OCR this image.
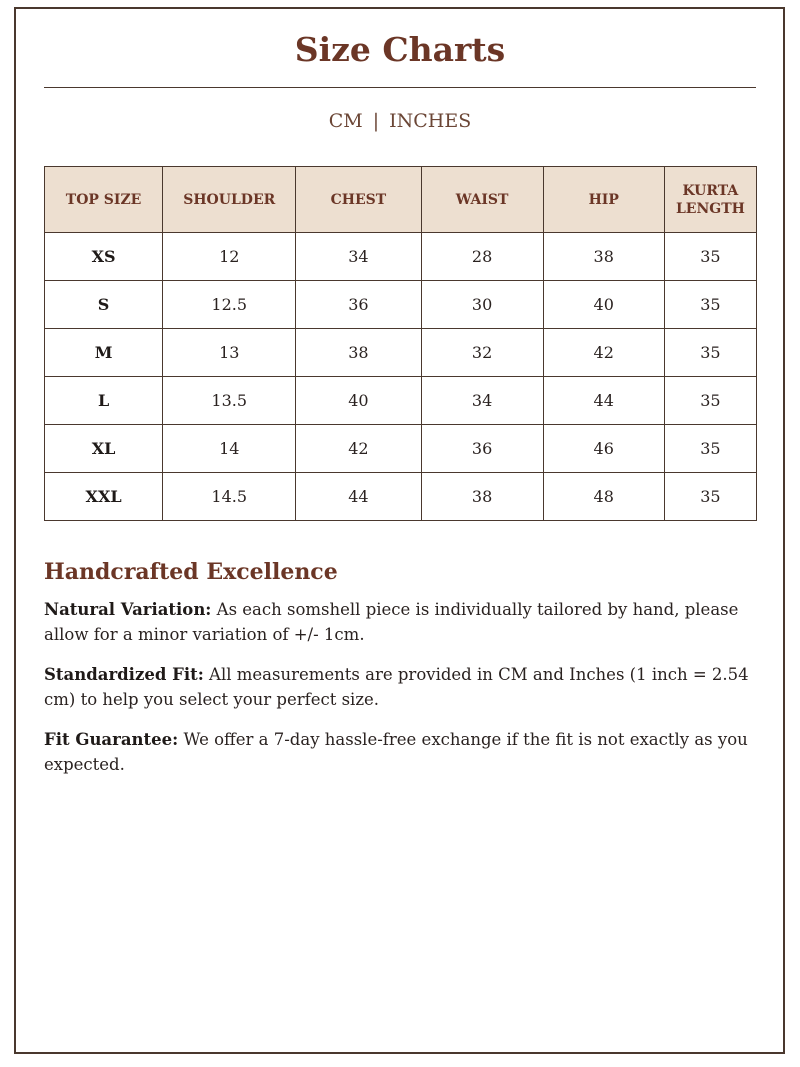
Size Charts
CM | INCHES
TOP SIZE	SHOULDER	CHEST	WAIST	HIP	KURTA LENGTH
XS	12	34	28	38	35
S	12.5	36	30	40	35
M	13	38	32	42	35
L	13.5	40	34	44	35
XL	14	42	36	46	35
XXL	14.5	44	38	48	35
Handcrafted Excellence

Natural Variation: As each somshell piece is individually tailored by hand, please allow for a minor variation of +/- 1cm.

Standardized Fit: All measurements are provided in CM and Inches (1 inch = 2.54 cm) to help you select your perfect size.

Fit Guarantee: We offer a 7-day hassle-free exchange if the fit is not exactly as you expected.
